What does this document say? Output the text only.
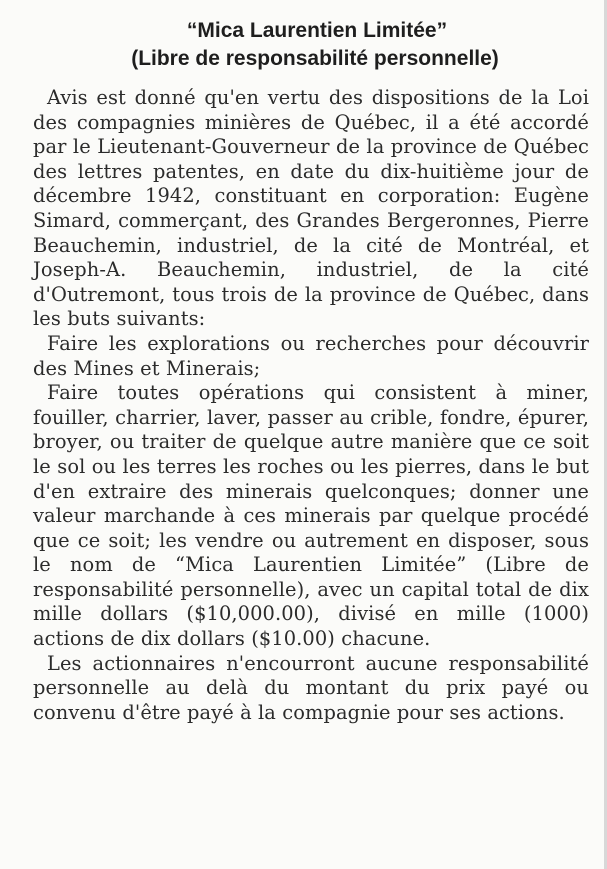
“Mica Laurentien Limitée”
(Libre de responsabilité personnelle)

Avis est donné qu'en vertu des dispositions de la Loi des compagnies minières de Québec, il a été accordé par le Lieutenant-Gouverneur de la province de Québec des lettres patentes, en date du dix-huitième jour de décembre 1942, constituant en corporation: Eugène Simard, commerçant, des Grandes Bergeronnes, Pierre Beauchemin, industriel, de la cité de Montréal, et Joseph-A. Beauchemin, industriel, de la cité d'Outremont, tous trois de la province de Québec, dans les buts suivants:

Faire les explorations ou recherches pour découvrir des Mines et Minerais;

Faire toutes opérations qui consistent à miner, fouiller, charrier, laver, passer au crible, fondre, épurer, broyer, ou traiter de quelque autre manière que ce soit le sol ou les terres les roches ou les pierres, dans le but d'en extraire des minerais quelconques; donner une valeur marchande à ces minerais par quelque procédé que ce soit; les vendre ou autrement en disposer, sous le nom de “Mica Laurentien Limitée” (Libre de responsabilité personnelle), avec un capital total de dix mille dollars ($10,000.00), divisé en mille (1000) actions de dix dollars ($10.00) chacune.

Les actionnaires n'encourront aucune responsabilité personnelle au delà du montant du prix payé ou convenu d'être payé à la compagnie pour ses actions.
